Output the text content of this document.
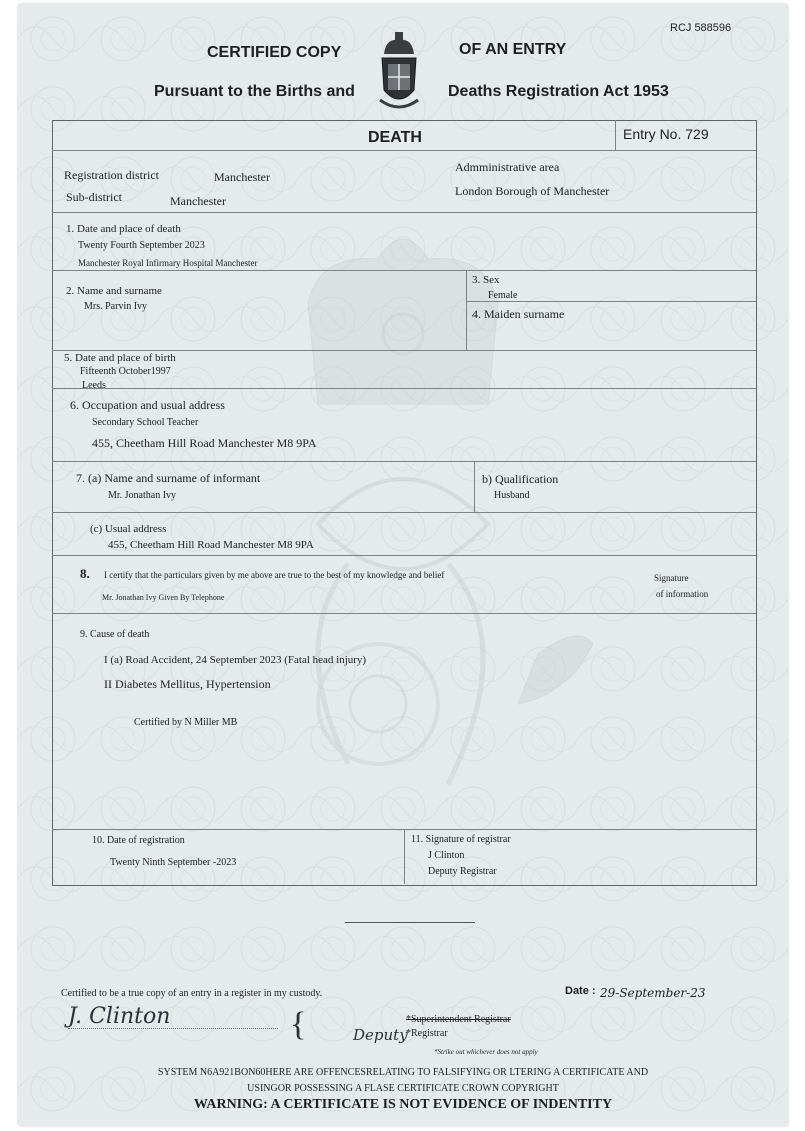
RCJ 588596
CERTIFIED COPY	OF AN ENTRY
Pursuant to the Births and	Deaths Registration Act 1953
DEATH	Entry No. 729
Registration district	Manchester
Sub-district	Manchester
Admministrative area
London Borough of Manchester
1. Date and place of death
Twenty Fourth September 2023
Manchester Royal Infirmary Hospital Manchester
2. Name and surname
Mrs. Parvin Ivy
3. Sex
Female
4. Maiden surname
5. Date and place of birth
Fifteenth October1997
Leeds
6. Occupation and usual address
Secondary School Teacher
455, Cheetham Hill Road Manchester M8 9PA
7. (a) Name and surname of informant
Mr. Jonathan Ivy
b) Qualification
Husband
(c) Usual address
455, Cheetham Hill Road Manchester M8 9PA
8. I certify that the particulars given by me above are true to the best of my knowledge and belief
Mr. Jonathan Ivy Given By Telephone
Signature
of information
9. Cause of death
I (a) Road Accident, 24 September 2023 (Fatal head injury)
II Diabetes Mellitus, Hypertension
Certified by N Miller MB
10. Date of registration
Twenty Ninth September -2023
11. Signature of registrar
J Clinton
Deputy Registrar
Certified to be a true copy of an entry in a register in my custody.
J. Clinton	{
Date : 29-September-23
Deputy
*Superintendent Registrar
*Registrar
*Strike out whichever does not apply
SYSTEM N6A921BON60HERE ARE OFFENCESRELATING TO FALSIFYING OR LTERING A CERTIFICATE AND
USINGOR POSSESSING A FLASE CERTIFICATE CROWN COPYRIGHT
WARNING: A CERTIFICATE IS NOT EVIDENCE OF INDENTITY
